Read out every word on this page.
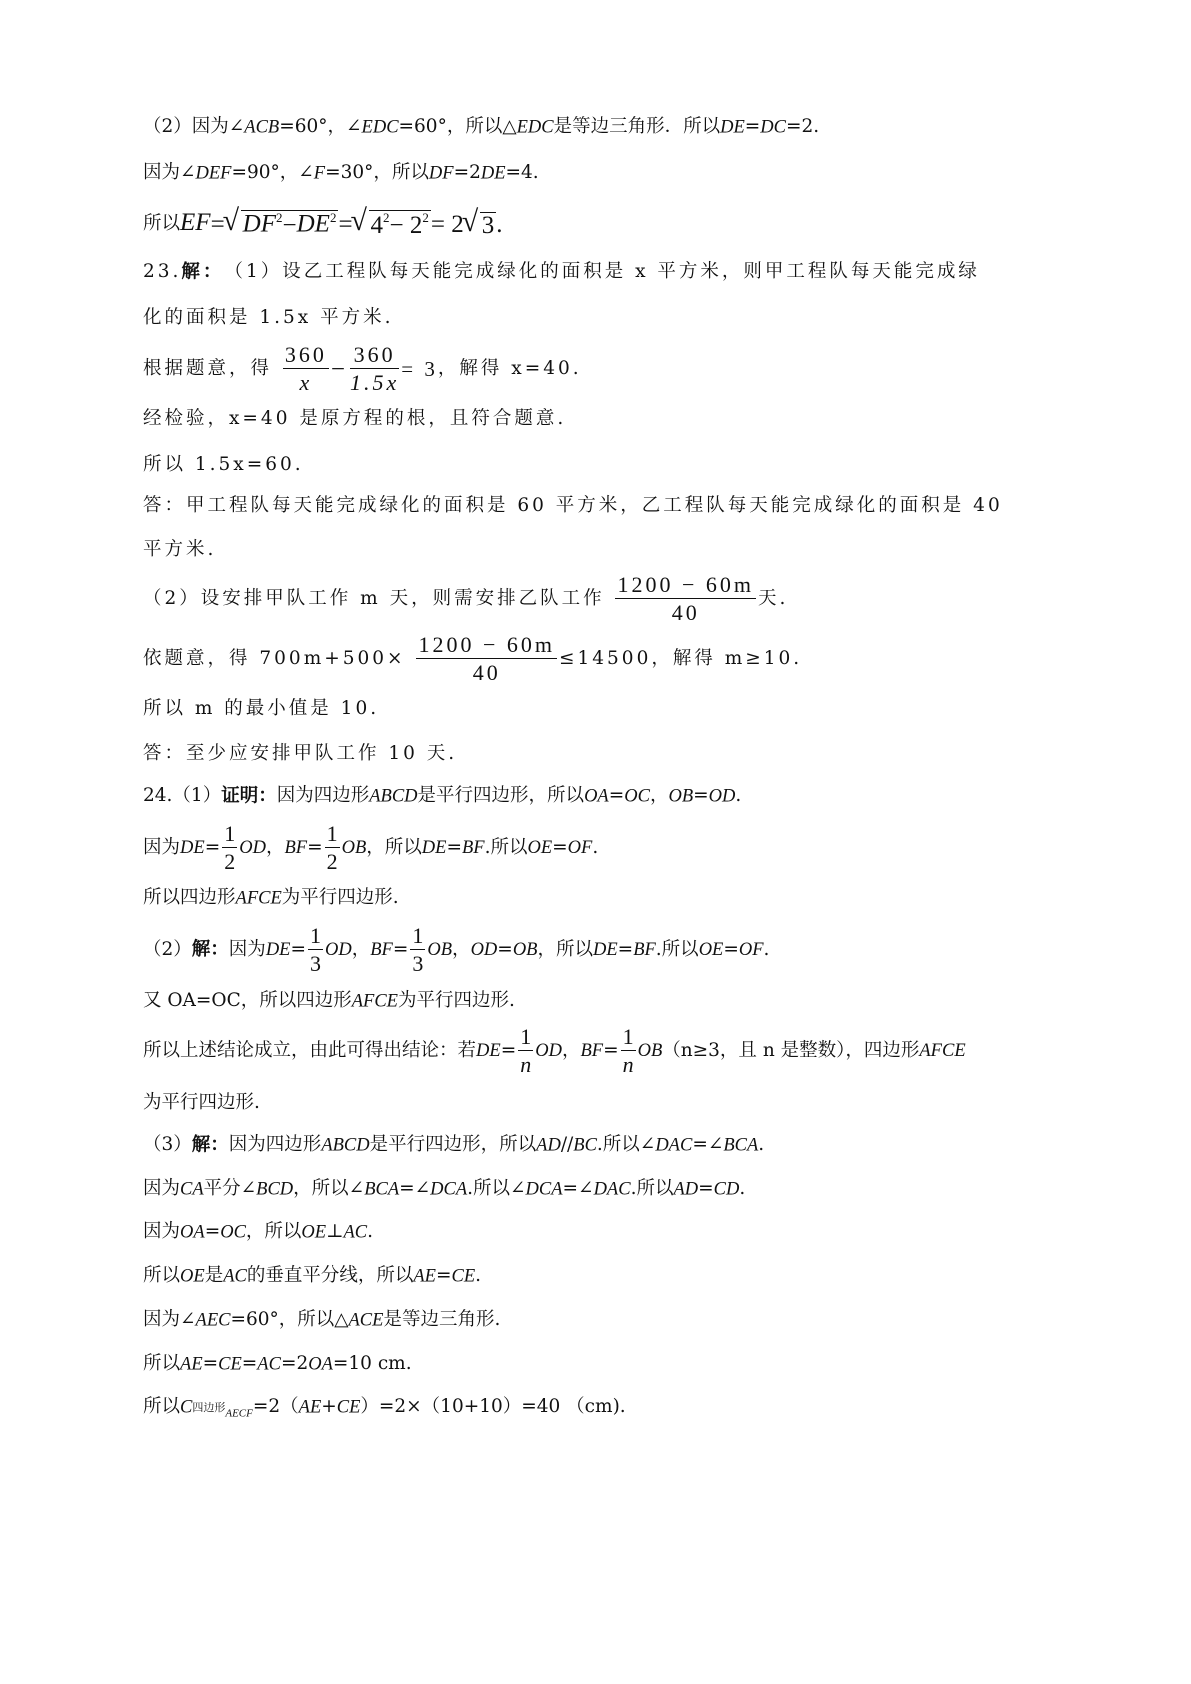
（2）因为∠ACB=60°，∠EDC=60°，所以△EDC是等边三角形．所以DE=DC=2.
因为∠DEF=90°，∠F=30°，所以DF=2DE=4.
所以EF=√ $DF^2-DE^2=√$ $4^2- 2^2= 2√$ 3.
23.解：（1）设乙工程队每天能完成绿化的面积是 x 平方米，则甲工程队每天能完成绿
化的面积是 1.5x 平方米.
根据题意，得 $\frac{360}{x} - \frac{360}{1.5x} = 3$，解得 x=40.
经检验，x=40 是原方程的根，且符合题意.
所以 1.5x=60.
答：甲工程队每天能完成绿化的面积是 60 平方米，乙工程队每天能完成绿化的面积是 40
平方米.
（2）设安排甲队工作 m 天，则需安排乙队工作 $\frac{1200 - 60m}{40}$ 天.
依题意，得 $700m+500\times \frac{1200 - 60m}{40} \le 14500$，解得 m≥10.
所以 m 的最小值是 10.
答：至少应安排甲队工作 10 天.
24.（1）证明：因为四边形ABCD是平行四边形，所以OA=OC，OB=OD.
因为$DE= \frac{1}{2}$ OD，$BF= \frac{1}{2}$ OB，所以DE=BF.所以OE=OF.
所以四边形AFCE为平行四边形.
（2）解：因为$DE= \frac{1}{3}$ OD，$BF= \frac{1}{3}$ OB，OD=OB，所以DE=BF.所以OE=OF.
又 OA=OC，所以四边形AFCE为平行四边形.
所以上述结论成立，由此可得出结论：若$DE= \frac{1}{n}$ OD，$BF= \frac{1}{n} OB(n\ge 3$，且 n 是整数），四边形AFCE
为平行四边形.
（3）解：因为四边形ABCD是平行四边形，所以AD//BC.所以∠DAC=∠BCA.
因为CA平分∠BCD，所以∠BCA=∠DCA.所以∠DCA=∠DAC.所以AD=CD.
因为OA=OC，所以OE⊥AC.
所以OE是AC的垂直平分线，所以AE=CE.
因为∠AEC=60°，所以△ACE是等边三角形.
所以AE=CE=AC=2OA=10 cm.
所以C四边形$_{AECF}$=2（AE+CE）=2×（10+10）=40 （cm).
